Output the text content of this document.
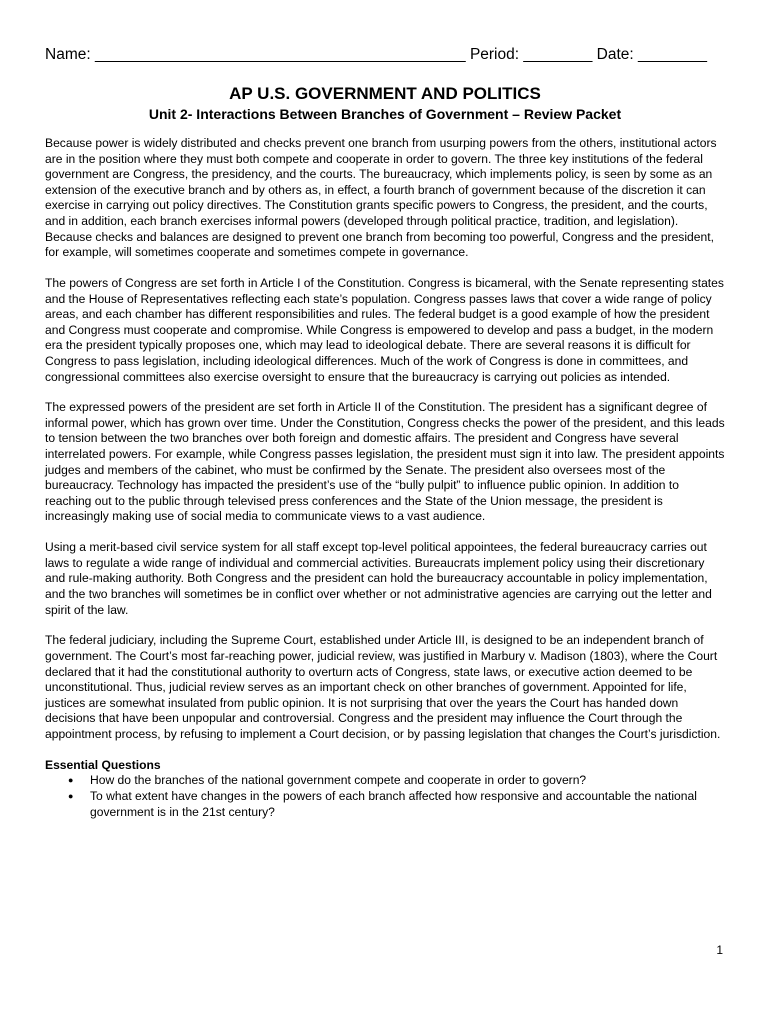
Name: ___________________________________________ Period: ________ Date: ________
AP U.S. GOVERNMENT AND POLITICS
Unit 2- Interactions Between Branches of Government – Review Packet

Because power is widely distributed and checks prevent one branch from usurping powers from the others, institutional actors are in the position where they must both compete and cooperate in order to govern. The three key institutions of the federal government are Congress, the presidency, and the courts. The bureaucracy, which implements policy, is seen by some as an extension of the executive branch and by others as, in effect, a fourth branch of government because of the discretion it can exercise in carrying out policy directives. The Constitution grants specific powers to Congress, the president, and the courts, and in addition, each branch exercises informal powers (developed through political practice, tradition, and legislation). Because checks and balances are designed to prevent one branch from becoming too powerful, Congress and the president, for example, will sometimes cooperate and sometimes compete in governance.

The powers of Congress are set forth in Article I of the Constitution. Congress is bicameral, with the Senate representing states and the House of Representatives reflecting each state’s population. Congress passes laws that cover a wide range of policy areas, and each chamber has different responsibilities and rules. The federal budget is a good example of how the president and Congress must cooperate and compromise. While Congress is empowered to develop and pass a budget, in the modern era the president typically proposes one, which may lead to ideological debate. There are several reasons it is difficult for Congress to pass legislation, including ideological differences. Much of the work of Congress is done in committees, and congressional committees also exercise oversight to ensure that the bureaucracy is carrying out policies as intended.

The expressed powers of the president are set forth in Article II of the Constitution. The president has a significant degree of informal power, which has grown over time. Under the Constitution, Congress checks the power of the president, and this leads to tension between the two branches over both foreign and domestic affairs. The president and Congress have several interrelated powers. For example, while Congress passes legislation, the president must sign it into law. The president appoints judges and members of the cabinet, who must be confirmed by the Senate. The president also oversees most of the bureaucracy. Technology has impacted the president’s use of the “bully pulpit” to influence public opinion. In addition to reaching out to the public through televised press conferences and the State of the Union message, the president is increasingly making use of social media to communicate views to a vast audience.

Using a merit-based civil service system for all staff except top-level political appointees, the federal bureaucracy carries out laws to regulate a wide range of individual and commercial activities. Bureaucrats implement policy using their discretionary and rule-making authority. Both Congress and the president can hold the bureaucracy accountable in policy implementation, and the two branches will sometimes be in conflict over whether or not administrative agencies are carrying out the letter and spirit of the law.

The federal judiciary, including the Supreme Court, established under Article III, is designed to be an independent branch of government. The Court’s most far-reaching power, judicial review, was justified in Marbury v. Madison (1803), where the Court declared that it had the constitutional authority to overturn acts of Congress, state laws, or executive action deemed to be unconstitutional. Thus, judicial review serves as an important check on other branches of government. Appointed for life, justices are somewhat insulated from public opinion. It is not surprising that over the years the Court has handed down decisions that have been unpopular and controversial. Congress and the president may influence the Court through the appointment process, by refusing to implement a Court decision, or by passing legislation that changes the Court’s jurisdiction.

Essential Questions
● How do the branches of the national government compete and cooperate in order to govern?
● To what extent have changes in the powers of each branch affected how responsive and accountable the national government is in the 21st century?
1
